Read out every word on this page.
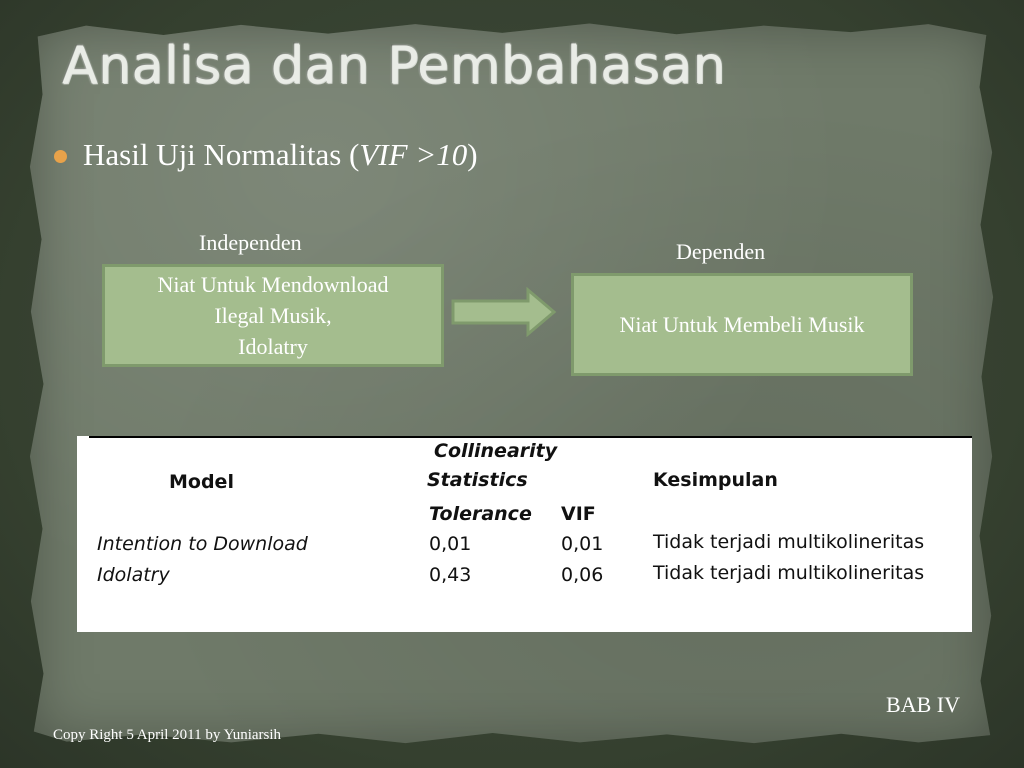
Analisa dan Pembahasan
Hasil Uji Normalitas (VIF >10)
Independen	Dependen
Niat Untuk Mendownload
Ilegal Musik,
Idolatry
Niat Untuk Membeli Musik
Collinearity
Model	Statistics	Kesimpulan
Tolerance VIF
Intention to Download	0,01	0,01	Tidak terjadi multikolineritas
Idolatry	0,43	0,06	Tidak terjadi multikolineritas
BAB IV
Copy Right 5 April 2011 by Yuniarsih
